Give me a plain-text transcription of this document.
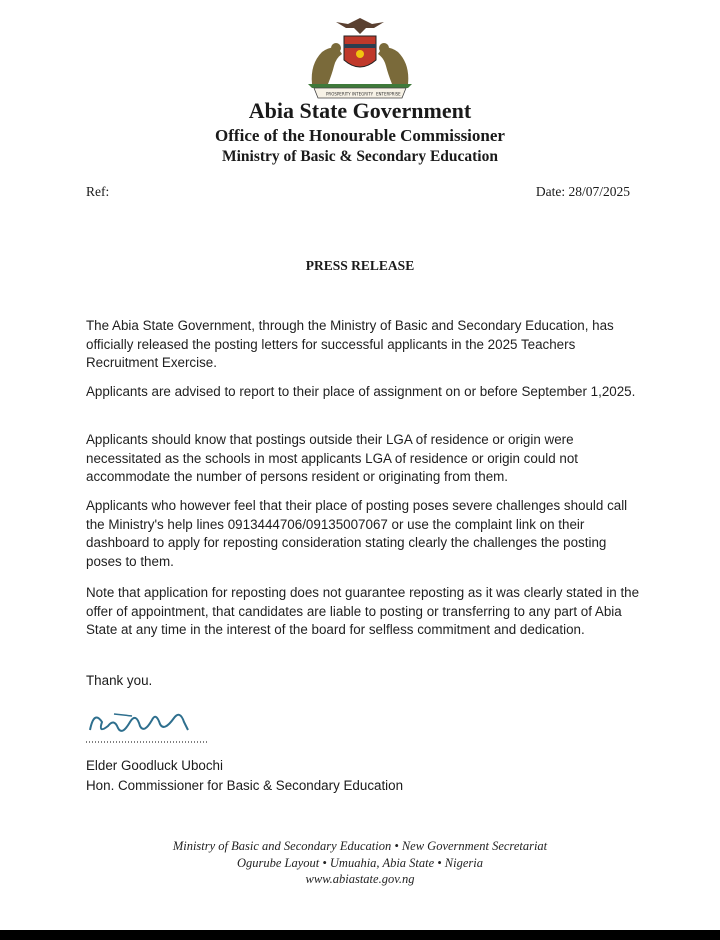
PROSPERITY INTEGRITY ENTERPRISE
Abia State Government
Office of the Honourable Commissioner
Ministry of Basic & Secondary Education
Ref:	Date: 28/07/2025
PRESS RELEASE
The Abia State Government, through the Ministry of Basic and Secondary Education, has officially released the posting letters for successful applicants in the 2025 Teachers Recruitment Exercise.
Applicants are advised to report to their place of assignment on or before September 1,2025.
Applicants should know that postings outside their LGA of residence or origin were necessitated as the schools in most applicants LGA of residence or origin could not accommodate the number of persons resident or originating from them.
Applicants who however feel that their place of posting poses severe challenges should call the Ministry's help lines 0913444706/09135007067 or use the complaint link on their dashboard to apply for reposting consideration stating clearly the challenges the posting poses to them.
Note that application for reposting does not guarantee reposting as it was clearly stated in the offer of appointment, that candidates are liable to posting or transferring to any part of Abia State at any time in the interest of the board for selfless commitment and dedication.
Thank you.
Elder Goodluck Ubochi
Hon. Commissioner for Basic & Secondary Education
Ministry of Basic and Secondary Education • New Government Secretariat
Ogurube Layout • Umuahia, Abia State • Nigeria
www.abiastate.gov.ng
